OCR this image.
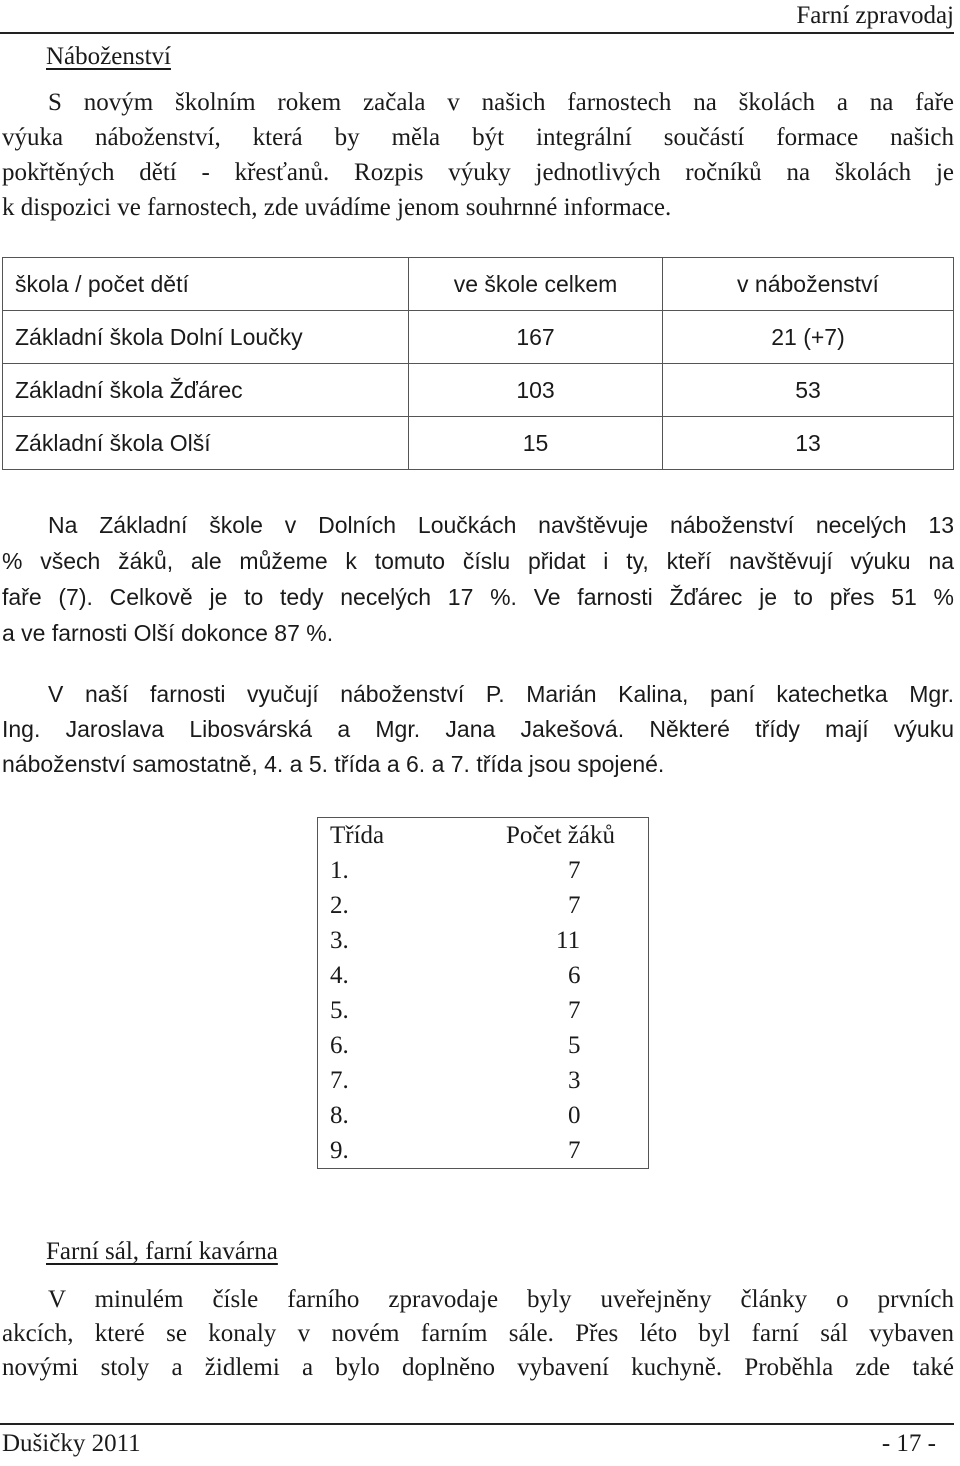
Farní zpravodaj
Náboženství
S novým školním rokem začala v našich farnostech na školách a na faře
výuka náboženství, která by měla být integrální součástí formace našich
pokřtěných dětí - křesťanů. Rozpis výuky jednotlivých ročníků na školách je
k dispozici ve farnostech, zde uvádíme jenom souhrnné informace.
škola / počet dětí	ve škole celkem	v náboženství
Základní škola Dolní Loučky	167	21 (+7)
Základní škola Žďárec	103	53
Základní škola Olší	15	13
Na Základní škole v Dolních Loučkách navštěvuje náboženství necelých 13
% všech žáků, ale můžeme k tomuto číslu přidat i ty, kteří navštěvují výuku na
faře (7). Celkově je to tedy necelých 17 %. Ve farnosti Žďárec je to přes 51 %
a ve farnosti Olší dokonce 87 %.
V naší farnosti vyučují náboženství P. Marián Kalina, paní katechetka Mgr.
Ing. Jaroslava Libosvárská a Mgr. Jana Jakešová. Některé třídy mají výuku
náboženství samostatně, 4. a 5. třída a 6. a 7. třída jsou spojené.
Třída	Počet žáků
1.	7
2.	7
3.	11
4.	6
5.	7
6.	5
7.	3
8.	0
9.	7
Farní sál, farní kavárna
V minulém čísle farního zpravodaje byly uveřejněny články o prvních
akcích, které se konaly v novém farním sále. Přes léto byl farní sál vybaven
novými stoly a židlemi a bylo doplněno vybavení kuchyně. Proběhla zde také
Dušičky 2011	- 17 -
